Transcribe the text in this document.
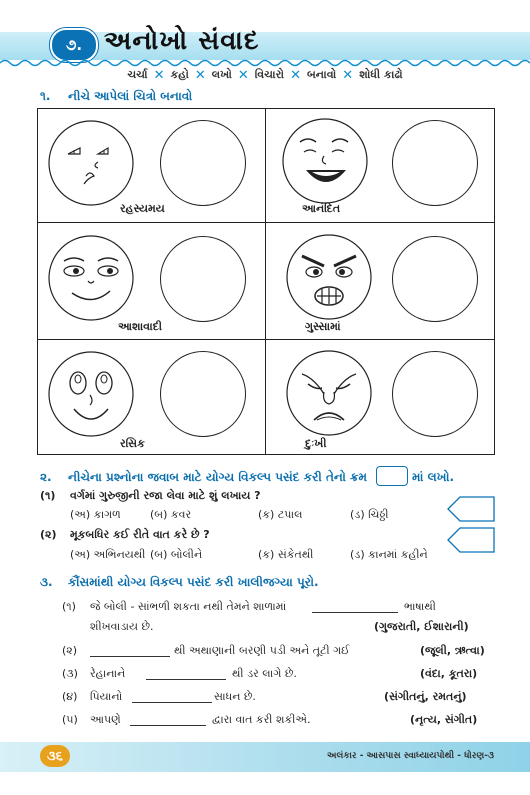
૭. અનોખો સંવાદ
ચર્ચા ✕ કહો ✕ લખો ✕ વિચારો ✕ બનાવો ✕ શોધી કાઢો
૧. નીચે આપેલાં ચિત્રો બનાવો
રહસ્યમય	આનંદિત
આશાવાદી	ગુસ્સામાં
રસિક	દુઃખી
૨. નીચેના પ્રશ્નોના જવાબ માટે યોગ્ય વિકલ્પ પસંદ કરી તેનો ક્રમ	માં લખો.
(૧) વર્ગમાં ગુરુજીની રજા લેવા માટે શું લખાય ?
(અ) કાગળ	(બ) કવર	(ક) ટપાલ	(ડ) ચિઠ્ઠી
(૨) મૂકબધિર કઈ રીતે વાત કરે છે ?
(અ) અભિનયથી (બ) બોલીને	(ક) સંકેતથી	(ડ) કાનમાં કહીને
૩. કૌંસમાંથી યોગ્ય વિકલ્પ પસંદ કરી ખાલીજગ્યા પૂરો.
(૧) જે બોલી - સાંભળી શકતા નથી તેમને શાળામાં	ભાષાથી
શીખવાડાય છે.	(ગુજરાતી, ઈશારાની)
(૨)	થી અથાણાની બરણી પડી અને તૂટી ગઈ	(જૂલી, ઋત્વા)
(૩) રેહાનાને	થી ડર લાગે છે.	(વંદા, કૂતરા)
(૪) પિયાનો	સાધન છે.	(સંગીતનું, રમતનું)
(૫) આપણે	દ્વારા વાત કરી શકીએ.	(નૃત્ય, સંગીત)
૩૬	અલંકાર - આસપાસ સ્વાધ્યાયપોથી - ધોરણ-૩
